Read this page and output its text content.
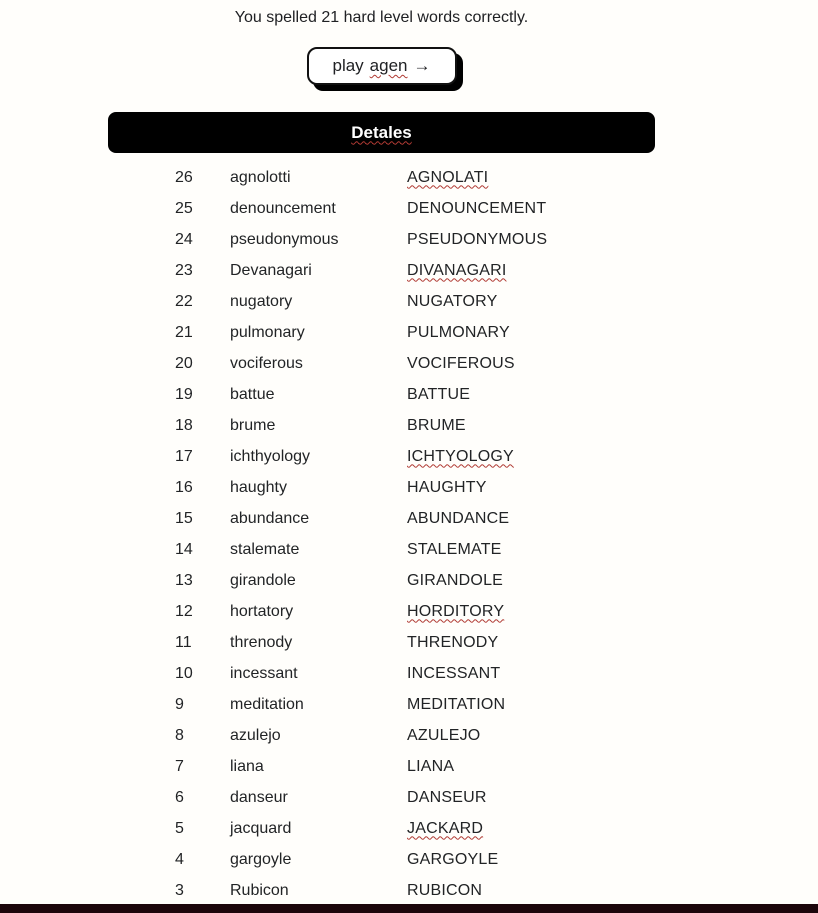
You spelled 21 hard level words correctly.
play agen →
Detales
26	agnolotti	AGNOLATI
25	denouncement	DENOUNCEMENT
24	pseudonymous	PSEUDONYMOUS
23	Devanagari	DIVANAGARI
22	nugatory	NUGATORY
21	pulmonary	PULMONARY
20	vociferous	VOCIFEROUS
19	battue	BATTUE
18	brume	BRUME
17	ichthyology	ICHTYOLOGY
16	haughty	HAUGHTY
15	abundance	ABUNDANCE
14	stalemate	STALEMATE
13	girandole	GIRANDOLE
12	hortatory	HORDITORY
11	threnody	THRENODY
10	incessant	INCESSANT
9	meditation	MEDITATION
8	azulejo	AZULEJO
7	liana	LIANA
6	danseur	DANSEUR
5	jacquard	JACKARD
4	gargoyle	GARGOYLE
3	Rubicon	RUBICON
